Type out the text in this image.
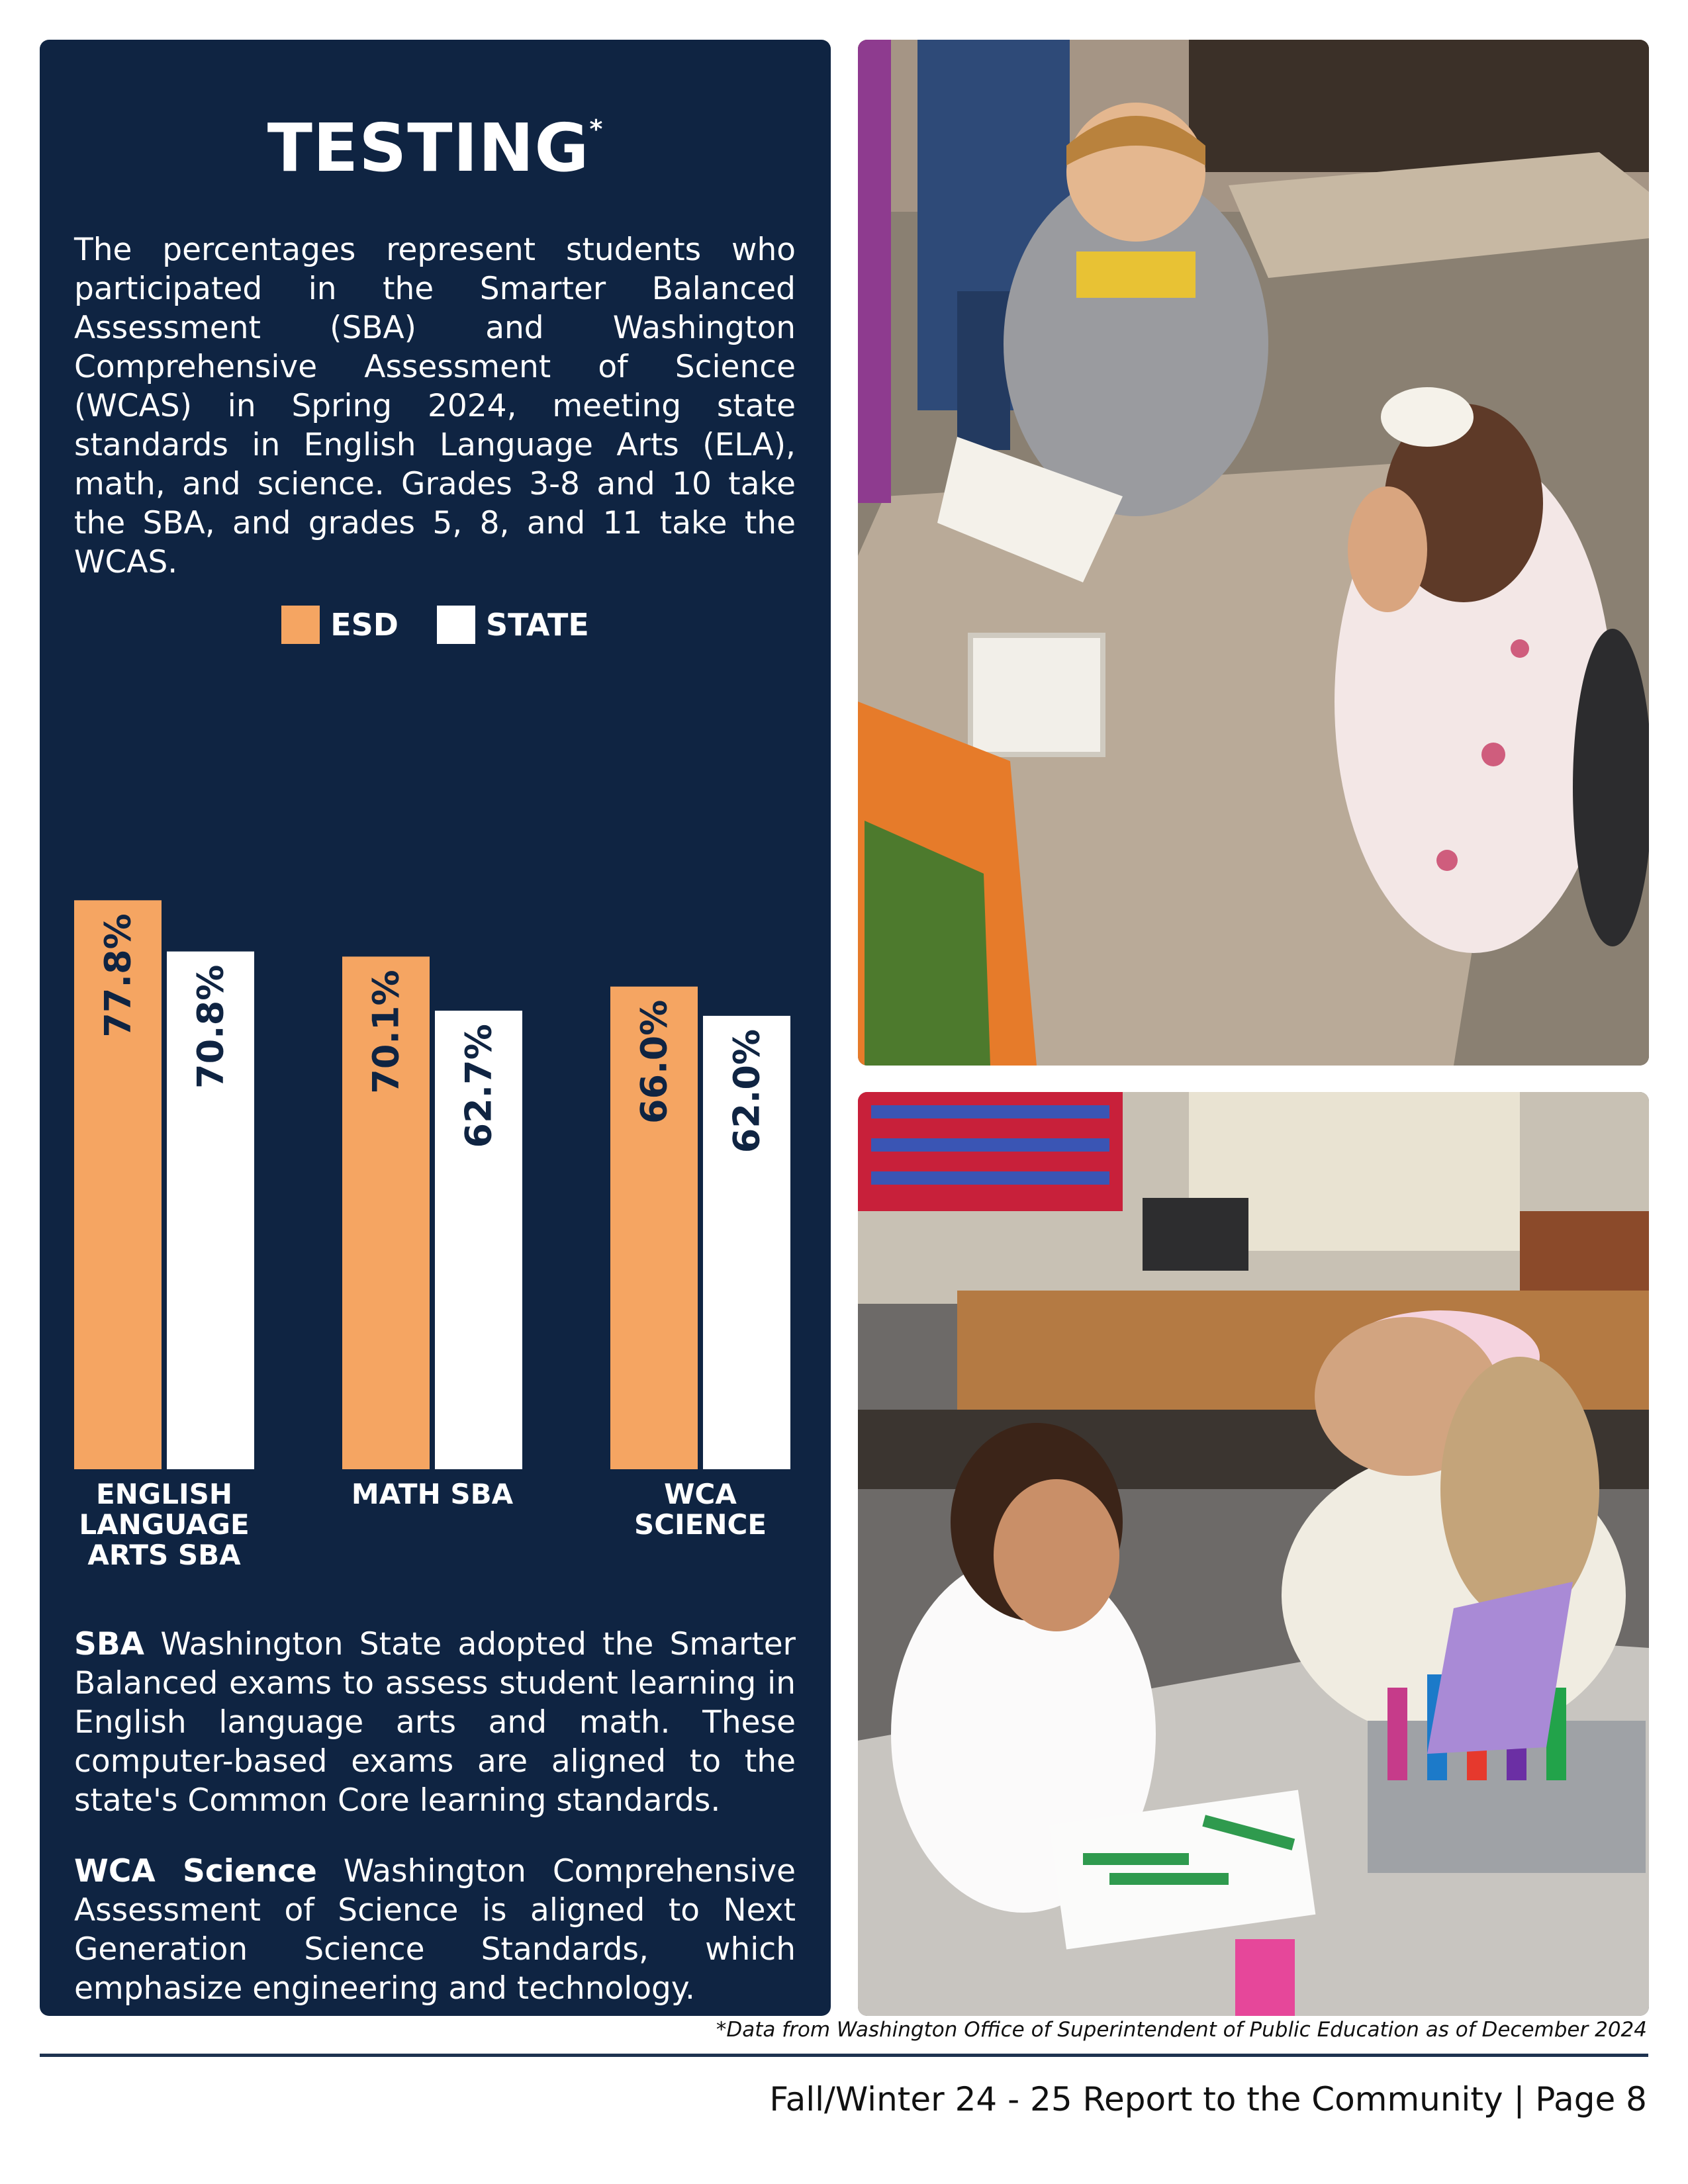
TESTING*
The percentages represent students who participated in the Smarter Balanced Assessment (SBA) and Washington Comprehensive Assessment of Science (WCAS) in Spring 2024, meeting state standards in English Language Arts (ELA), math, and science. Grades 3-8 and 10 take the SBA, and grades 5, 8, and 11 take the WCAS.
ESD	STATE
77.8% 70.8%	70.1% 62.7%	66.0% 62.0%

SBA Washington State adopted the Smarter Balanced exams to assess student learning in English language arts and math. These computer-based exams are aligned to the state's Common Core learning standards.

WCA Science Washington Comprehensive Assessment of Science is aligned to Next Generation Science Standards, which emphasize engineering and technology.

ENGLISH
LANGUAGE
ARTS SBA
MATH SBA	WCA
SCIENCE
*Data from Washington Office of Superintendent of Public Education as of December 2024
Fall/Winter 24 - 25 Report to the Community | Page 8
